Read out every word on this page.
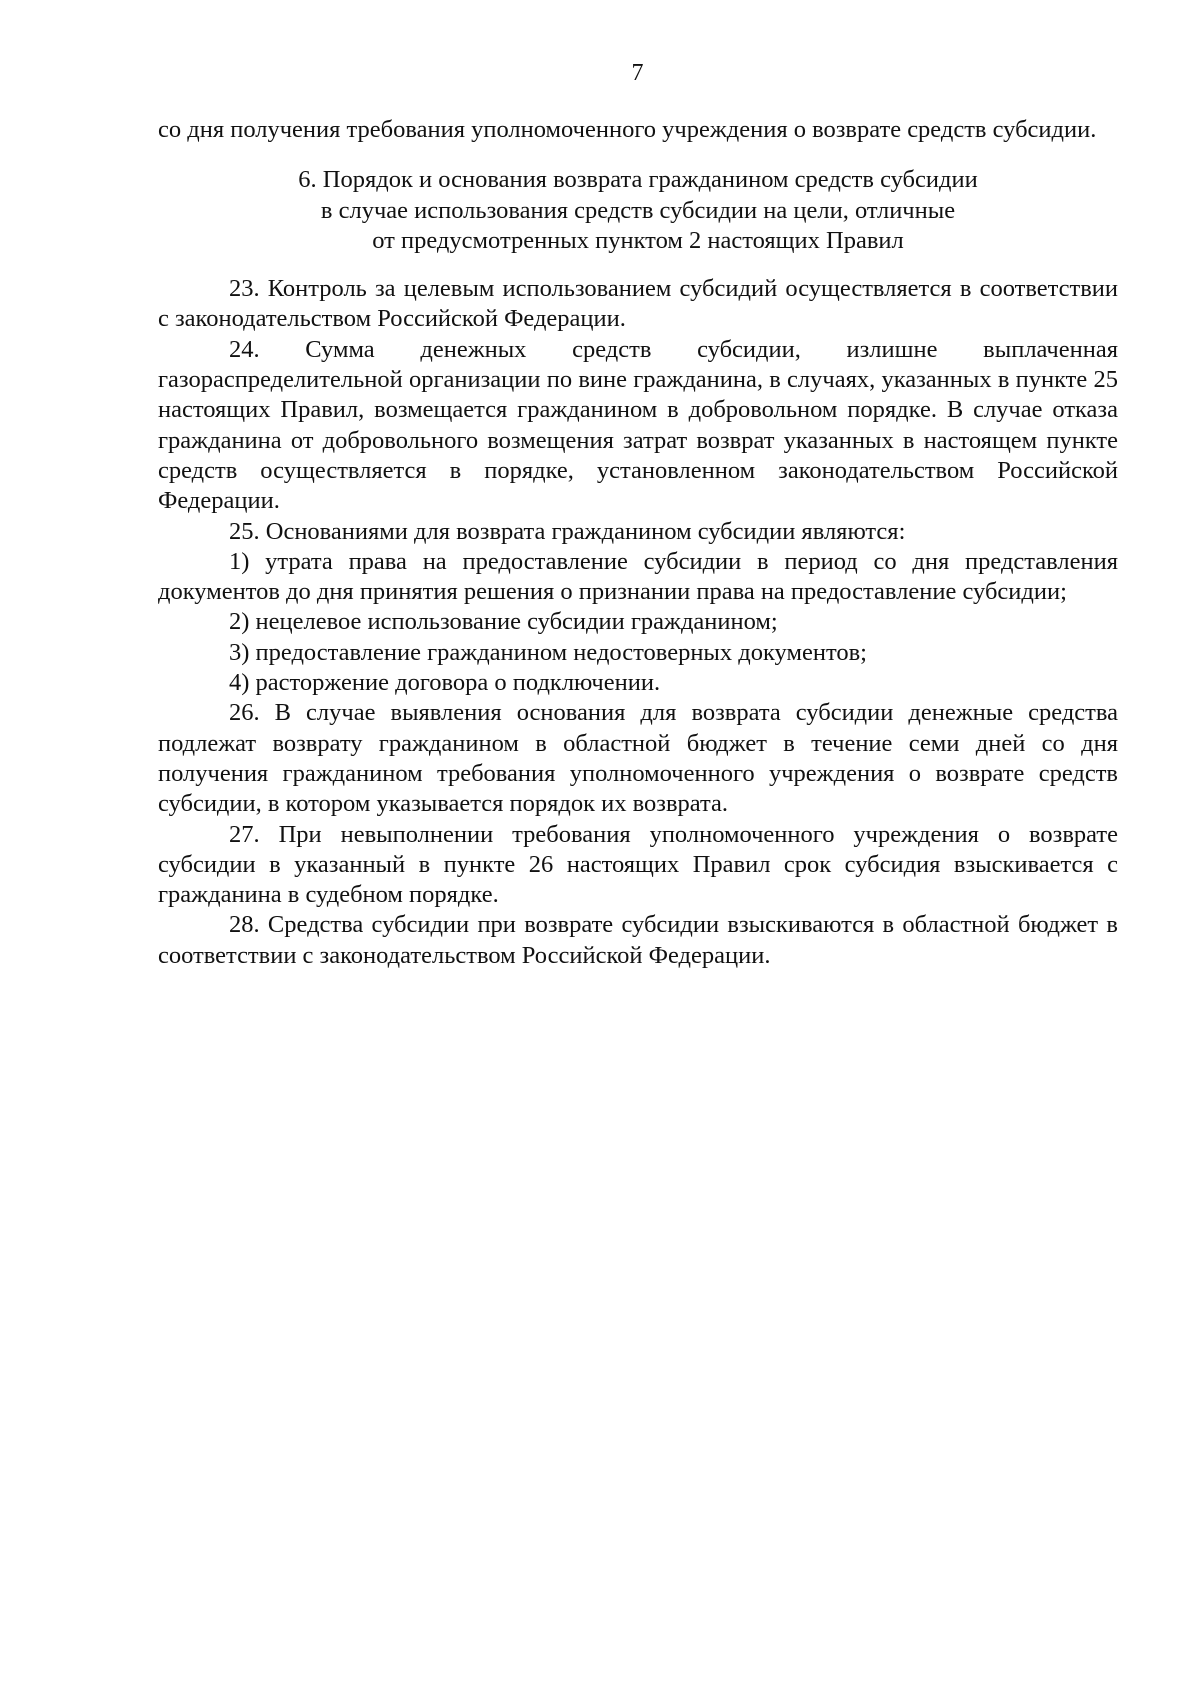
7

со дня получения требования уполномоченного учреждения о возврате средств субсидии.

6. Порядок и основания возврата гражданином средств субсидии
в случае использования средств субсидии на цели, отличные
от предусмотренных пунктом 2 настоящих Правил

23. Контроль за целевым использованием субсидий осуществляется в соответствии с законодательством Российской Федерации.

24. Сумма денежных средств субсидии, излишне выплаченная газораспределительной организации по вине гражданина, в случаях, указанных в пункте 25 настоящих Правил, возмещается гражданином в добровольном порядке. В случае отказа гражданина от добровольного возмещения затрат возврат указанных в настоящем пункте средств осуществляется в порядке, установленном законодательством Российской Федерации.

25. Основаниями для возврата гражданином субсидии являются:

1) утрата права на предоставление субсидии в период со дня представления документов до дня принятия решения о признании права на предоставление субсидии;

2) нецелевое использование субсидии гражданином;

3) предоставление гражданином недостоверных документов;

4) расторжение договора о подключении.

26. В случае выявления основания для возврата субсидии денежные средства подлежат возврату гражданином в областной бюджет в течение семи дней со дня получения гражданином требования уполномоченного учреждения о возврате средств субсидии, в котором указывается порядок их возврата.

27. При невыполнении требования уполномоченного учреждения о возврате субсидии в указанный в пункте 26 настоящих Правил срок субсидия взыскивается с гражданина в судебном порядке.

28. Средства субсидии при возврате субсидии взыскиваются в областной бюджет в соответствии с законодательством Российской Федерации.
